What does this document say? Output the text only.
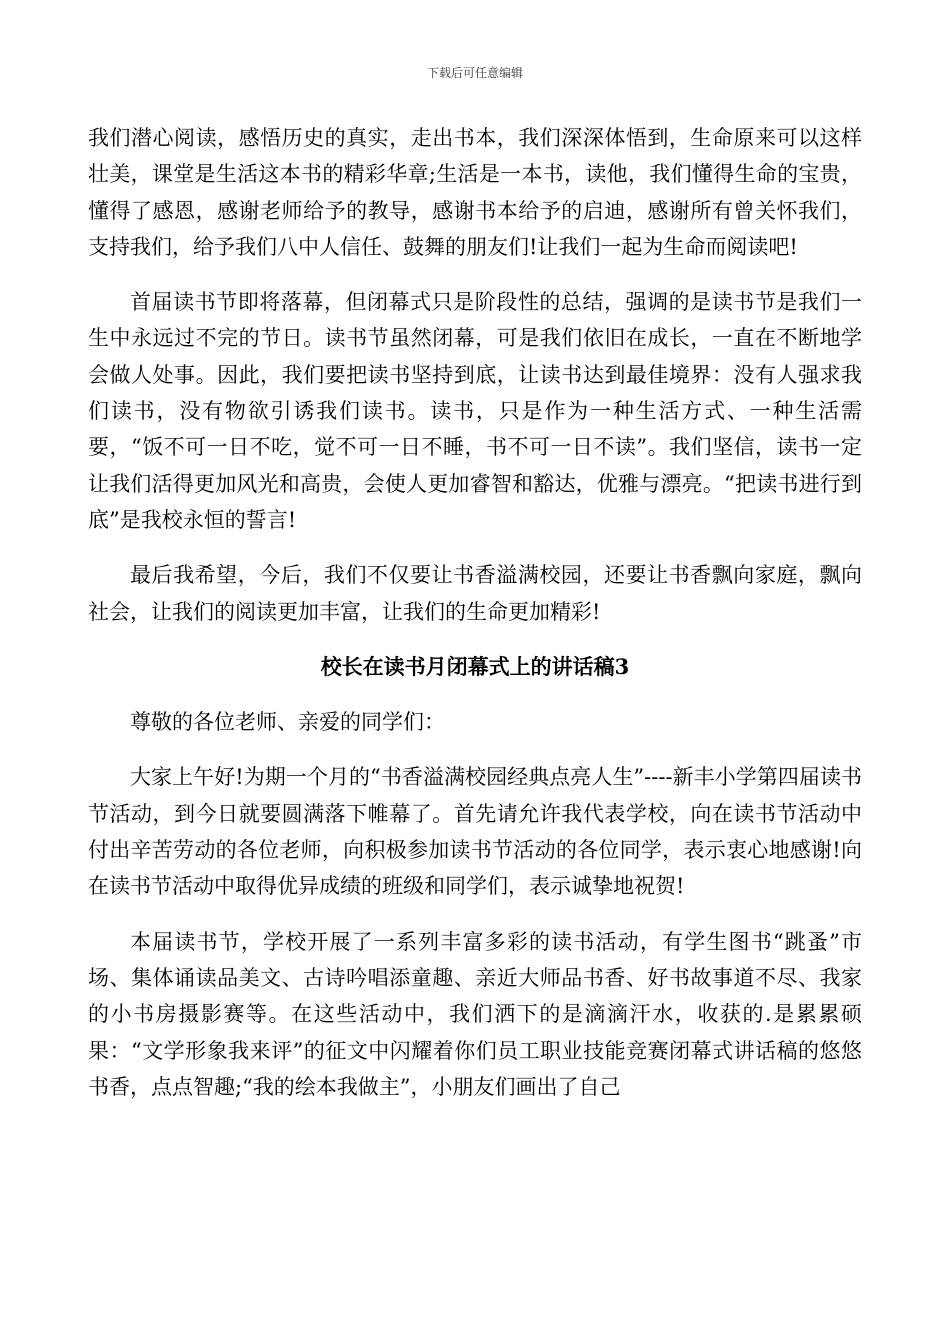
下载后可任意编辑

我们潜心阅读，感悟历史的真实，走出书本，我们深深体悟到，生命原来可以这样壮美，课堂是生活这本书的精彩华章;生活是一本书，读他，我们懂得生命的宝贵，懂得了感恩，感谢老师给予的教导，感谢书本给予的启迪，感谢所有曾关怀我们，支持我们，给予我们八中人信任、鼓舞的朋友们!让我们一起为生命而阅读吧!

首届读书节即将落幕，但闭幕式只是阶段性的总结，强调的是读书节是我们一生中永远过不完的节日。读书节虽然闭幕，可是我们依旧在成长，一直在不断地学会做人处事。因此，我们要把读书坚持到底，让读书达到最佳境界：没有人强求我们读书，没有物欲引诱我们读书。读书，只是作为一种生活方式、一种生活需要，“饭不可一日不吃，觉不可一日不睡，书不可一日不读”。我们坚信，读书一定让我们活得更加风光和高贵，会使人更加睿智和豁达，优雅与漂亮。“把读书进行到底”是我校永恒的誓言!

最后我希望，今后，我们不仅要让书香溢满校园，还要让书香飘向家庭，飘向社会，让我们的阅读更加丰富，让我们的生命更加精彩!

校长在读书月闭幕式上的讲话稿3

尊敬的各位老师、亲爱的同学们：

大家上午好!为期一个月的“书香溢满校园经典点亮人生”----新丰小学第四届读书节活动，到今日就要圆满落下帷幕了。首先请允许我代表学校，向在读书节活动中付出辛苦劳动的各位老师，向积极参加读书节活动的各位同学，表示衷心地感谢!向在读书节活动中取得优异成绩的班级和同学们，表示诚挚地祝贺!

本届读书节，学校开展了一系列丰富多彩的读书活动，有学生图书“跳蚤”市场、集体诵读品美文、古诗吟唱添童趣、亲近大师品书香、好书故事道不尽、我家的小书房摄影赛等。在这些活动中，我们洒下的是滴滴汗水，收获的.是累累硕果：“文学形象我来评”的征文中闪耀着你们员工职业技能竞赛闭幕式讲话稿的悠悠书香，点点智趣;“我的绘本我做主”，小朋友们画出了自己
